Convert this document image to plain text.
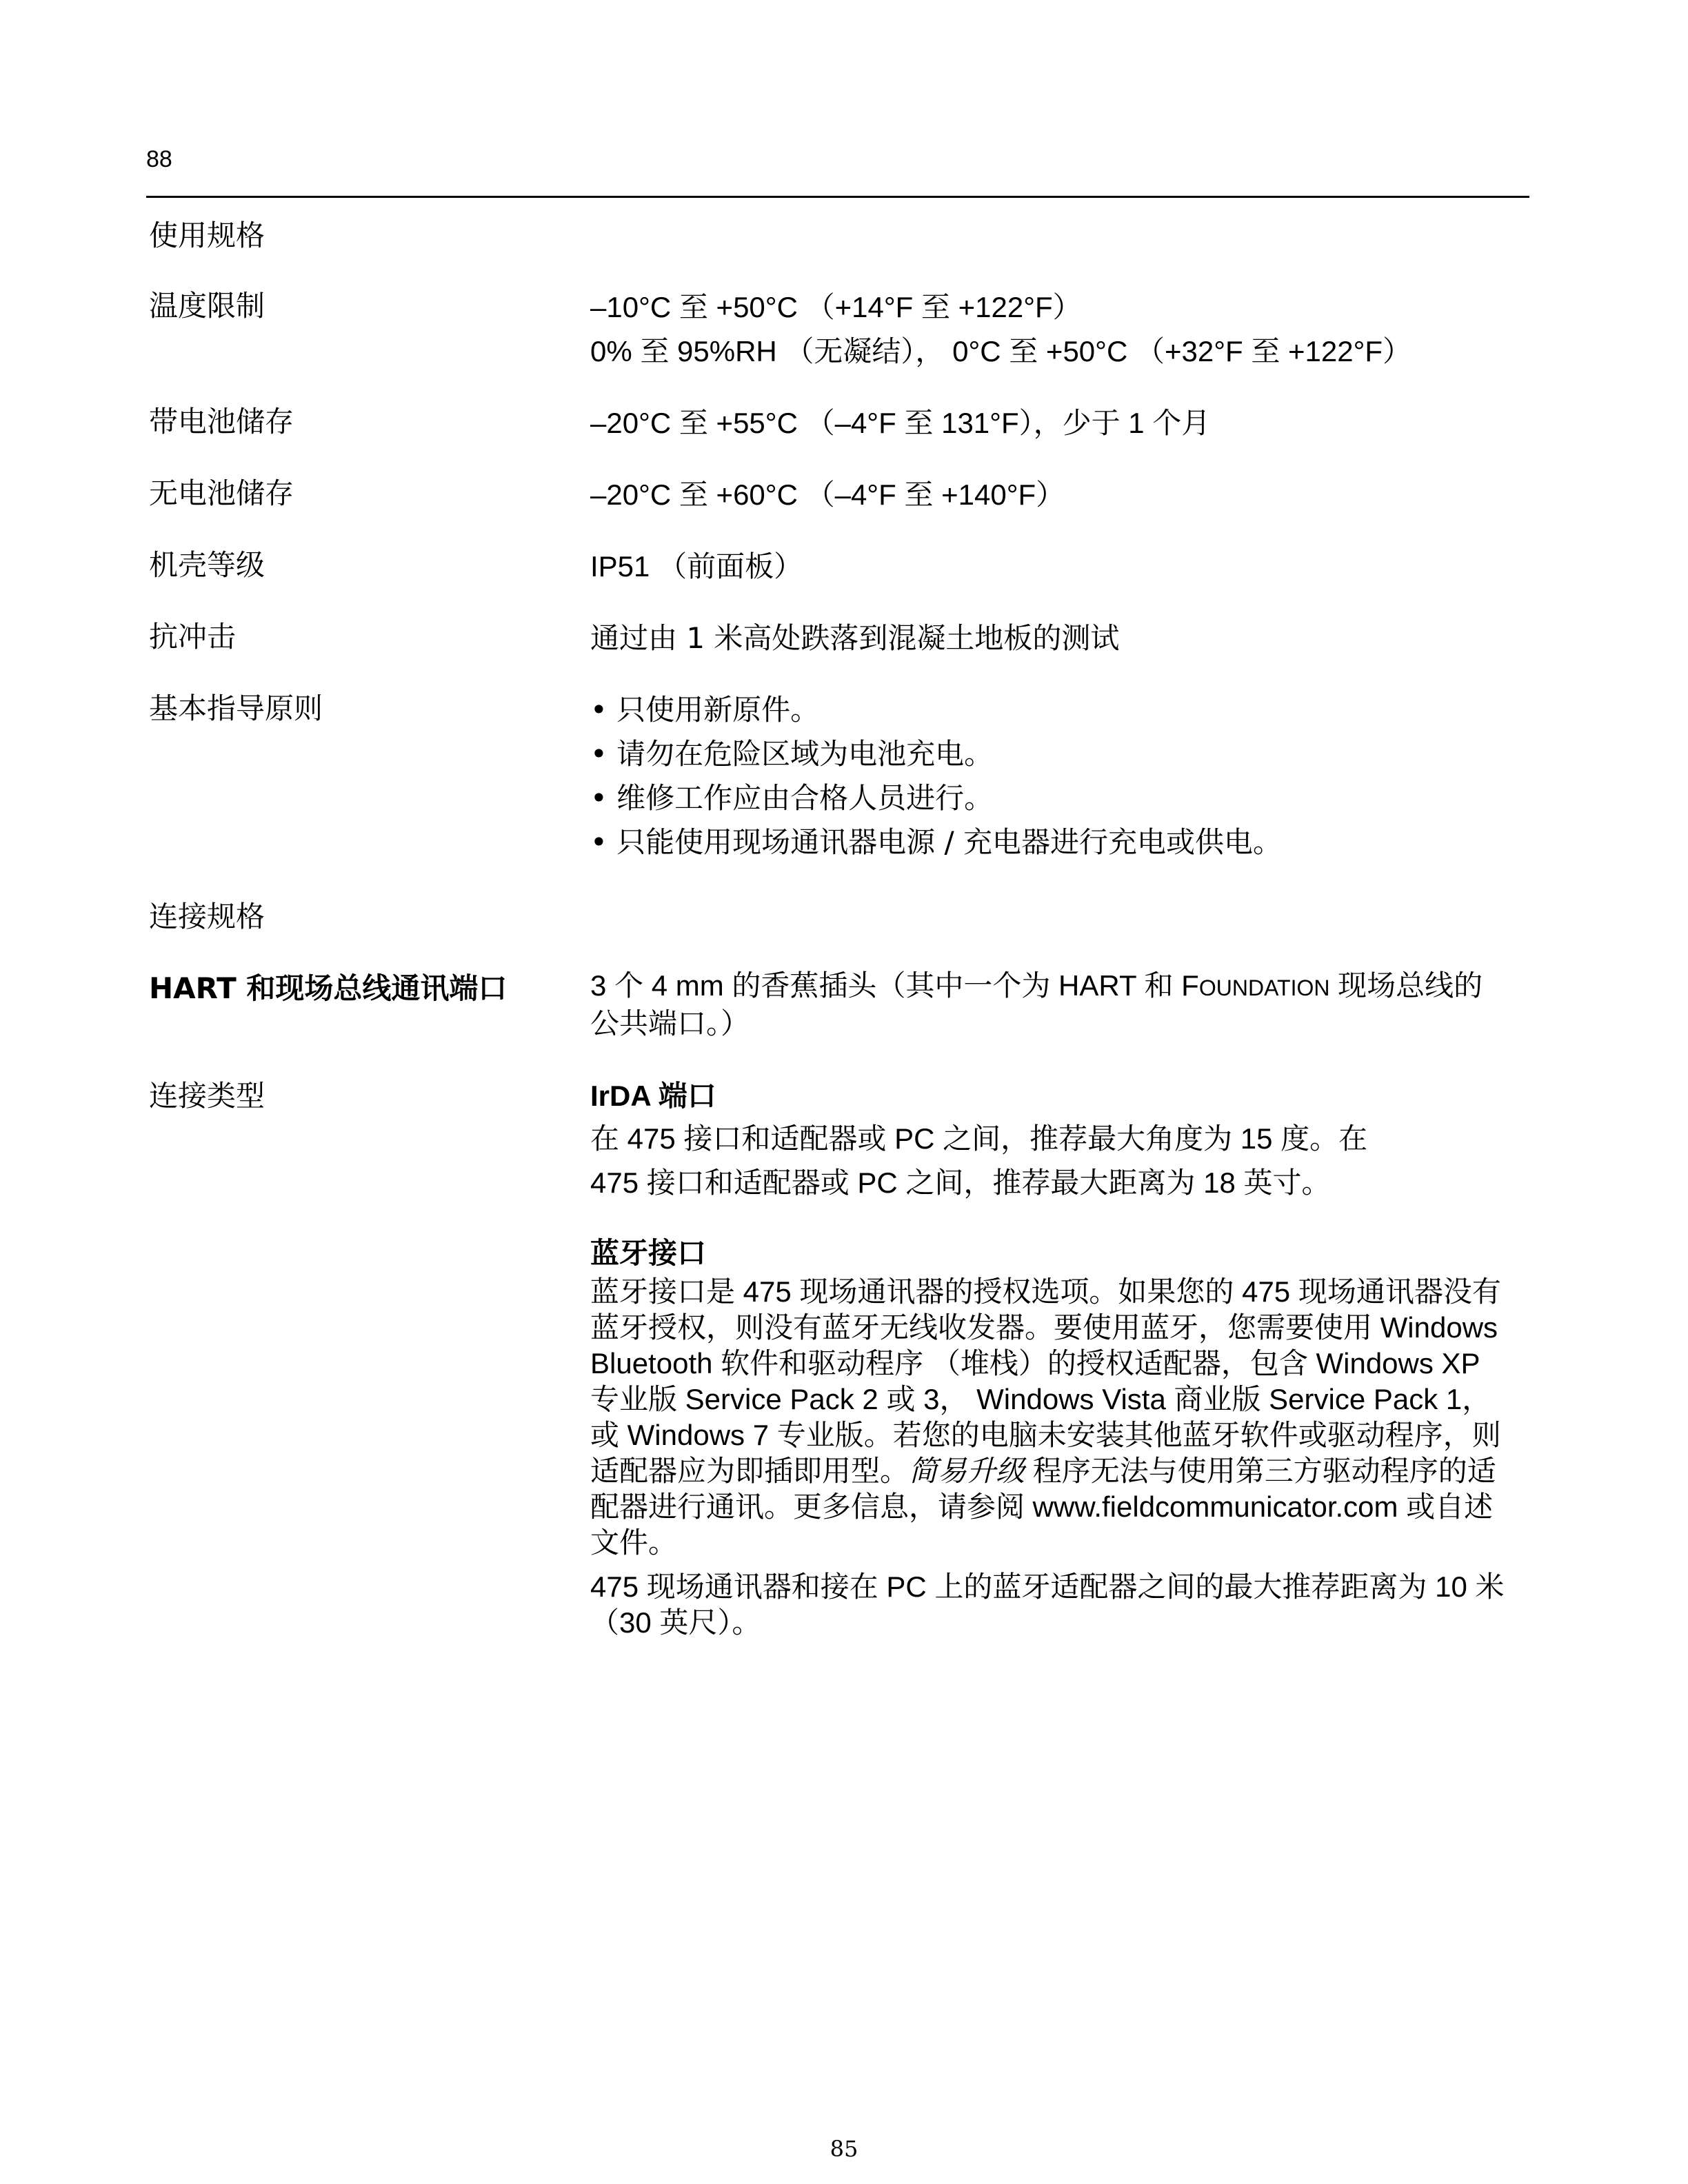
88
使用规格
温度限制	–10°C 至 +50°C （+14°F 至 +122°F）

0% 至 95%RH （无凝结）， 0°C 至 +50°C （+32°F 至 +122°F）

带电池储存	–20°C 至 +55°C （–4°F 至 131°F），少于 1 个月
无电池储存	–20°C 至 +60°C （–4°F 至 +140°F）
机壳等级	IP51 （前面板）
抗冲击	通过由 1 米高处跌落到混凝土地板的测试
基本指导原则	• 只使用新原件。
• 请勿在危险区域为电池充电。
• 维修工作应由合格人员进行。
• 只能使用现场通讯器电源 / 充电器进行充电或供电。
连接规格
HART 和现场总线通讯端口	3 个 4 mm 的香蕉插头（其中一个为 HART 和 FOUNDATION 现场总线的

公共端口。）

连接类型	IrDA 端口

在 475 接口和适配器或 PC 之间，推荐最大角度为 15 度。在

475 接口和适配器或 PC 之间，推荐最大距离为 18 英寸。

蓝牙接口

蓝牙接口是 475 现场通讯器的授权选项。如果您的 475 现场通讯器没有

蓝牙授权，则没有蓝牙无线收发器。要使用蓝牙，您需要使用 Windows

Bluetooth 软件和驱动程序 （堆栈）的授权适配器，包含 Windows XP

专业版 Service Pack 2 或 3， Windows Vista 商业版 Service Pack 1，

或 Windows 7 专业版。若您的电脑未安装其他蓝牙软件或驱动程序，则

适配器应为即插即用型。简易升级 程序无法与使用第三方驱动程序的适

配器进行通讯。更多信息，请参阅 www.fieldcommunicator.com 或自述

文件。

475 现场通讯器和接在 PC 上的蓝牙适配器之间的最大推荐距离为 10 米

（30 英尺）。

85
